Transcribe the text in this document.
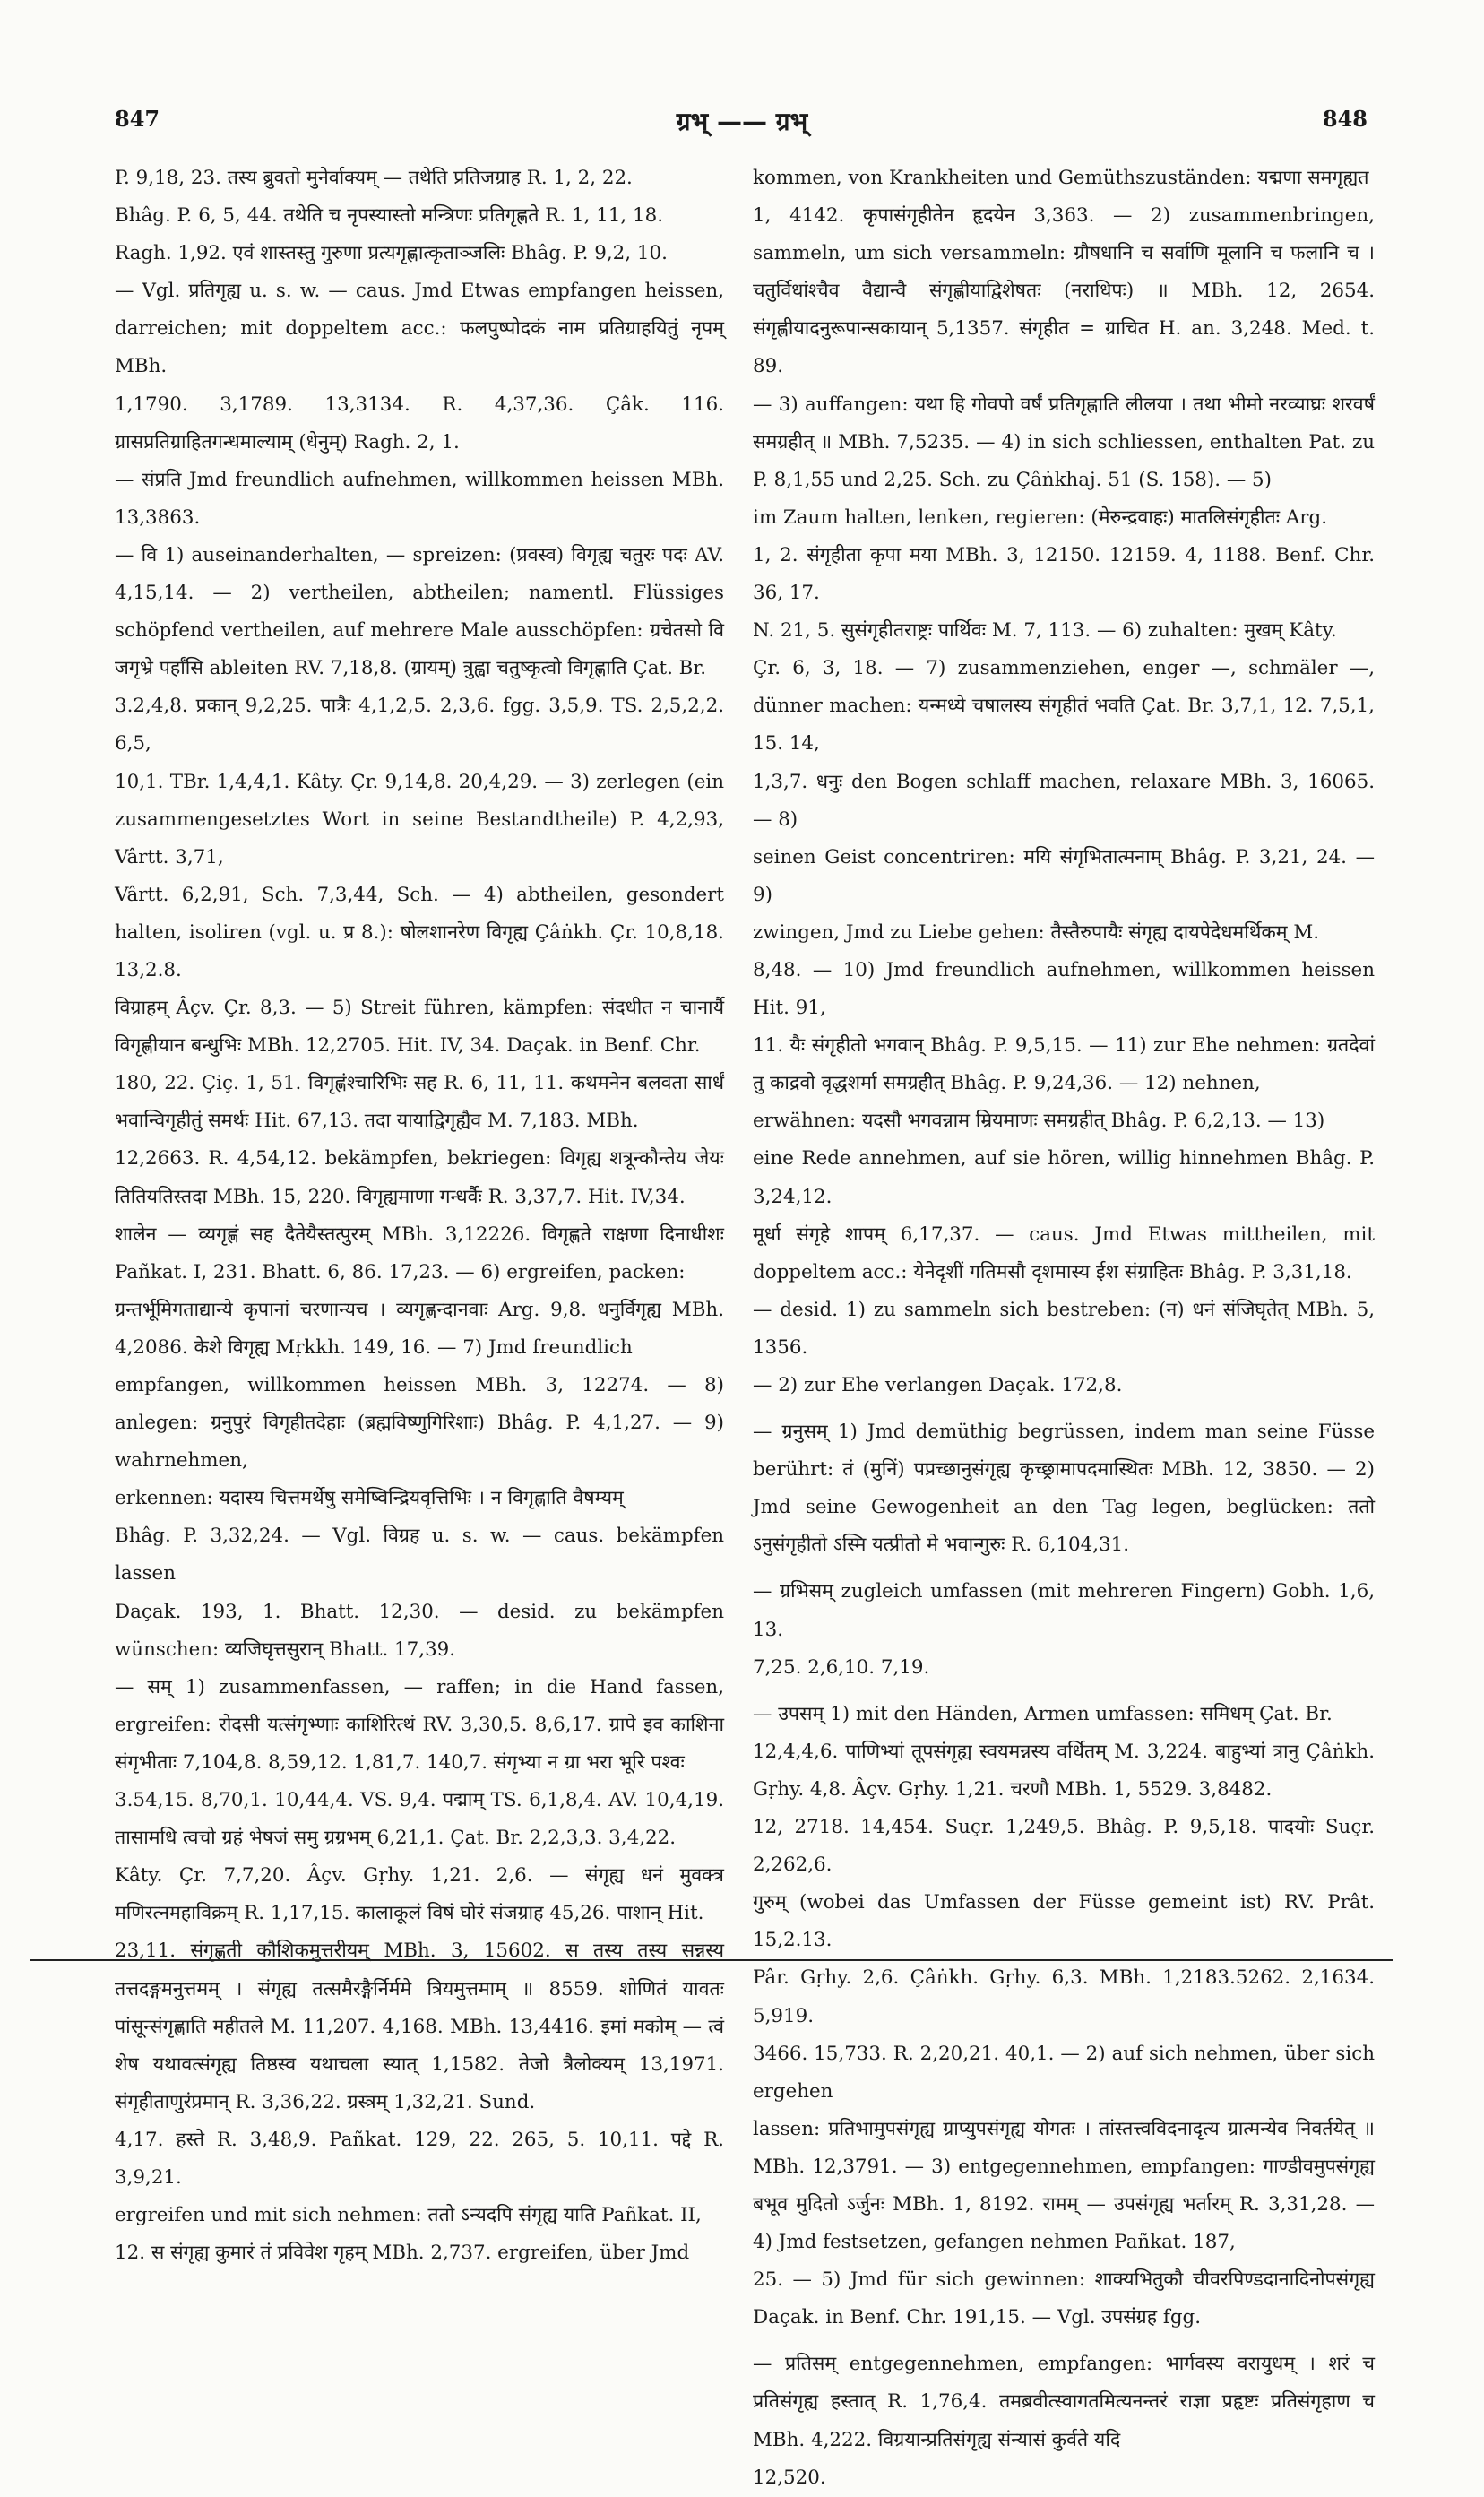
847	ग्रभ् —— ग्रभ्	848

P. 9,18, 23. तस्य ब्रुवतो मुनेर्वाक्यम् — तथेति प्रतिजग्राह R. 1, 2, 22.

Bhâg. P. 6, 5, 44. तथेति च नृपस्यास्तो मन्त्रिणः प्रतिगृह्णते R. 1, 11, 18.

Ragh. 1,92. एवं शास्तस्तु गुरुणा प्रत्यगृह्णात्कृताञ्जलिः Bhâg. P. 9,2, 10.

— Vgl. प्रतिगृह्य u. s. w. — caus. Jmd Etwas empfangen heissen, darreichen; mit doppeltem acc.: फलपुष्पोदकं नाम प्रतिग्राहयितुं नृपम् MBh.

1,1790. 3,1789. 13,3134. R. 4,37,36. Çâk. 116. ग्रासप्रतिग्राहितगन्धमाल्याम् (धेनुम्) Ragh. 2, 1.

— संप्रति Jmd freundlich aufnehmen, willkommen heissen MBh. 13,3863.

— वि 1) auseinanderhalten, — spreizen: (प्रवस्व) विगृह्य चतुरः पदः AV. 4,15,14. — 2) vertheilen, abtheilen; namentl. Flüssiges schöpfend vertheilen, auf mehrere Male ausschöpfen: ग्रचेतसो वि जगृभ्रे पर्हांसि ableiten RV. 7,18,8. (ग्रायम्) त्रुह्वा चतुष्कृत्वो विगृह्णाति Çat. Br.

3.2,4,8. प्रकान् 9,2,25. पात्रैः 4,1,2,5. 2,3,6. fgg. 3,5,9. TS. 2,5,2,2. 6,5,

10,1. TBr. 1,4,4,1. Kâty. Çr. 9,14,8. 20,4,29. — 3) zerlegen (ein zusammengesetztes Wort in seine Bestandtheile) P. 4,2,93, Vârtt. 3,71,

Vârtt. 6,2,91, Sch. 7,3,44, Sch. — 4) abtheilen, gesondert halten, isoliren (vgl. u. प्र 8.): षोलशानरेण विगृह्य Çâṅkh. Çr. 10,8,18. 13,2.8.

विग्राहम् Âçv. Çr. 8,3. — 5) Streit führen, kämpfen: संदधीत न चानार्यै विगृह्णीयान बन्धुभिः MBh. 12,2705. Hit. IV, 34. Daçak. in Benf. Chr.

180, 22. Çiç. 1, 51. विगृह्णंश्चारिभिः सह R. 6, 11, 11. कथमनेन बलवता सार्धं भवान्विगृहीतुं समर्थः Hit. 67,13. तदा यायाद्विगृह्यैव M. 7,183. MBh.

12,2663. R. 4,54,12. bekämpfen, bekriegen: विगृह्य शत्रून्कौन्तेय जेयः तितियतिस्तदा MBh. 15, 220. विगृह्यमाणा गन्धर्वैः R. 3,37,7. Hit. IV,34.

शालेन — व्यगृह्णं सह दैतेयैस्तत्पुरम् MBh. 3,12226. विगृह्णते राक्षणा दिनाधीशः Pañkat. I, 231. Bhatt. 6, 86. 17,23. — 6) ergreifen, packen:

ग्रन्तर्भूमिगताद्यान्ये कृपानां चरणान्यच । व्यगृह्णन्दानवाः Arg. 9,8. धनुर्विगृह्य MBh. 4,2086. केशे विगृह्य Mṛkkh. 149, 16. — 7) Jmd freundlich

empfangen, willkommen heissen MBh. 3, 12274. — 8) anlegen: ग्रनुपुरं विगृहीतदेहाः (ब्रह्मविष्णुगिरिशाः) Bhâg. P. 4,1,27. — 9) wahrnehmen,

erkennen: यदास्य चित्तमर्थेषु समेष्विन्द्रियवृत्तिभिः । न विगृह्णाति वैषम्यम्

Bhâg. P. 3,32,24. — Vgl. विग्रह u. s. w. — caus. bekämpfen lassen

Daçak. 193, 1. Bhatt. 12,30. — desid. zu bekämpfen wünschen: व्यजिघृत्तसुरान् Bhatt. 17,39.

— सम् 1) zusammenfassen, — raffen; in die Hand fassen, ergreifen: रोदसी यत्संगृभ्णाः काशिरित्थं RV. 3,30,5. 8,6,17. ग्रापे इव काशिना संगृभीताः 7,104,8. 8,59,12. 1,81,7. 140,7. संगृभ्या न ग्रा भरा भूरि पश्वः

3.54,15. 8,70,1. 10,44,4. VS. 9,4. पद्माम् TS. 6,1,8,4. AV. 10,4,19. तासामधि त्वचो ग्रहं भेषजं समु ग्रग्रभम् 6,21,1. Çat. Br. 2,2,3,3. 3,4,22.

Kâty. Çr. 7,7,20. Âçv. Gṛhy. 1,21. 2,6. — संगृह्य धनं मुवक्त्र मणिरत्नमहाविक्रम् R. 1,17,15. कालाकूलं विषं घोरं संजग्राह 45,26. पाशान् Hit.

23,11. संगृह्णती कौशिकमुत्तरीयम् MBh. 3, 15602. स तस्य तस्य सन्नस्य तत्तदङ्गमनुत्तमम् । संगृह्य तत्समैरङ्गैर्निर्ममे त्रियमुत्तमाम् ॥ 8559. शोणितं यावतः पांसून्संगृह्णाति महीतले M. 11,207. 4,168. MBh. 13,4416. इमां मकोम् — त्वं शेष यथावत्संगृह्य तिष्ठस्व यथाचला स्यात् 1,1582. तेजो त्रैलोक्यम् 13,1971. संगृहीताणुरंप्रमान् R. 3,36,22. ग्रस्त्रम् 1,32,21. Sund.

4,17. हस्ते R. 3,48,9. Pañkat. 129, 22. 265, 5. 10,11. पद्दे R. 3,9,21.

ergreifen und mit sich nehmen: ततो ऽन्यदपि संगृह्य याति Pañkat. II,

12. स संगृह्य कुमारं तं प्रविवेश गृहम् MBh. 2,737. ergreifen, über Jmd

kommen, von Krankheiten und Gemüthszuständen: यद्मणा समगृह्यत

1, 4142. कृपासंगृहीतेन हृदयेन 3,363. — 2) zusammenbringen, sammeln, um sich versammeln: ग्रौषधानि च सर्वाणि मूलानि च फलानि च । चतुर्विधांश्चैव वैद्यान्वै संगृह्णीयाद्विशेषतः (नराधिपः) ॥ MBh. 12, 2654. संगृह्णीयादनुरूपान्सकायान् 5,1357. संगृहीत = ग्राचित H. an. 3,248. Med. t. 89.

— 3) auffangen: यथा हि गोवपो वर्षं प्रतिगृह्णाति लीलया । तथा भीमो नरव्याघ्रः शरवर्षं समग्रहीत् ॥ MBh. 7,5235. — 4) in sich schliessen, enthalten Pat. zu P. 8,1,55 und 2,25. Sch. zu Çâṅkhaj. 51 (S. 158). — 5)

im Zaum halten, lenken, regieren: (मेरुन्द्रवाहः) मातलिसंगृहीतः Arg.

1, 2. संगृहीता कृपा मया MBh. 3, 12150. 12159. 4, 1188. Benf. Chr. 36, 17.

N. 21, 5. सुसंगृहीतराष्ट्रः पार्थिवः M. 7, 113. — 6) zuhalten: मुखम् Kâty.

Çr. 6, 3, 18. — 7) zusammenziehen, enger —, schmäler —, dünner machen: यन्मध्ये चषालस्य संगृहीतं भवति Çat. Br. 3,7,1, 12. 7,5,1, 15. 14,

1,3,7. धनुः den Bogen schlaff machen, relaxare MBh. 3, 16065. — 8)

seinen Geist concentriren: मयि संगृभितात्मनाम् Bhâg. P. 3,21, 24. — 9)

zwingen, Jmd zu Liebe gehen: तैस्तैरुपायैः संगृह्य दायपेदेधमर्थिकम् M.

8,48. — 10) Jmd freundlich aufnehmen, willkommen heissen Hit. 91,

11. यैः संगृहीतो भगवान् Bhâg. P. 9,5,15. — 11) zur Ehe nehmen: ग्रतदेवां तु काद्रवो वृद्धशर्मा समग्रहीत् Bhâg. P. 9,24,36. — 12) nehnen,

erwähnen: यदसौ भगवन्नाम म्रियमाणः समग्रहीत् Bhâg. P. 6,2,13. — 13)

eine Rede annehmen, auf sie hören, willig hinnehmen Bhâg. P. 3,24,12.

मूर्धा संगृहे शापम् 6,17,37. — caus. Jmd Etwas mittheilen, mit doppeltem acc.: येनेदृशीं गतिमसौ दृशमास्य ईश संग्राहितः Bhâg. P. 3,31,18.

— desid. 1) zu sammeln sich bestreben: (न) धनं संजिघृतेत् MBh. 5, 1356.

— 2) zur Ehe verlangen Daçak. 172,8.

— ग्रनुसम् 1) Jmd demüthig begrüssen, indem man seine Füsse berührt: तं (मुनिं) पप्रच्छानुसंगृह्य कृच्छ्रामापदमास्थितः MBh. 12, 3850. — 2) Jmd seine Gewogenheit an den Tag legen, beglücken: ततो ऽनुसंगृहीतो ऽस्मि यत्प्रीतो मे भवान्गुरुः R. 6,104,31.

— ग्रभिसम् zugleich umfassen (mit mehreren Fingern) Gobh. 1,6, 13.

7,25. 2,6,10. 7,19.

— उपसम् 1) mit den Händen, Armen umfassen: समिधम् Çat. Br.

12,4,4,6. पाणिभ्यां तूपसंगृह्य स्वयमन्नस्य वर्धितम् M. 3,224. बाहुभ्यां त्रानु Çâṅkh. Gṛhy. 4,8. Âçv. Gṛhy. 1,21. चरणौ MBh. 1, 5529. 3,8482.

12, 2718. 14,454. Suçr. 1,249,5. Bhâg. P. 9,5,18. पादयोः Suçr. 2,262,6.

गुरुम् (wobei das Umfassen der Füsse gemeint ist) RV. Prât. 15,2.13.

Pâr. Gṛhy. 2,6. Çâṅkh. Gṛhy. 6,3. MBh. 1,2183.5262. 2,1634. 5,919.

3466. 15,733. R. 2,20,21. 40,1. — 2) auf sich nehmen, über sich ergehen

lassen: प्रतिभामुपसंगृह्य ग्राप्युपसंगृह्य योगतः । तांस्तत्त्वविदनादृत्य ग्रात्मन्येव निवर्तयेत् ॥ MBh. 12,3791. — 3) entgegennehmen, empfangen: गाण्डीवमुपसंगृह्य बभूव मुदितो ऽर्जुनः MBh. 1, 8192. रामम् — उपसंगृह्य भर्तारम् R. 3,31,28. — 4) Jmd festsetzen, gefangen nehmen Pañkat. 187,

25. — 5) Jmd für sich gewinnen: शाक्यभितुकौ चीवरपिण्डदानादिनोपसंगृह्य Daçak. in Benf. Chr. 191,15. — Vgl. उपसंग्रह fgg.

— प्रतिसम् entgegennehmen, empfangen: भार्गवस्य वरायुधम् । शरं च प्रतिसंगृह्य हस्तात् R. 1,76,4. तमब्रवीत्स्वागतमित्यनन्तरं राज्ञा प्रहृष्टः प्रतिसंगृहाण च MBh. 4,222. विग्रयान्प्रतिसंगृह्य संन्यासं कुर्वते यदि

12,520.
